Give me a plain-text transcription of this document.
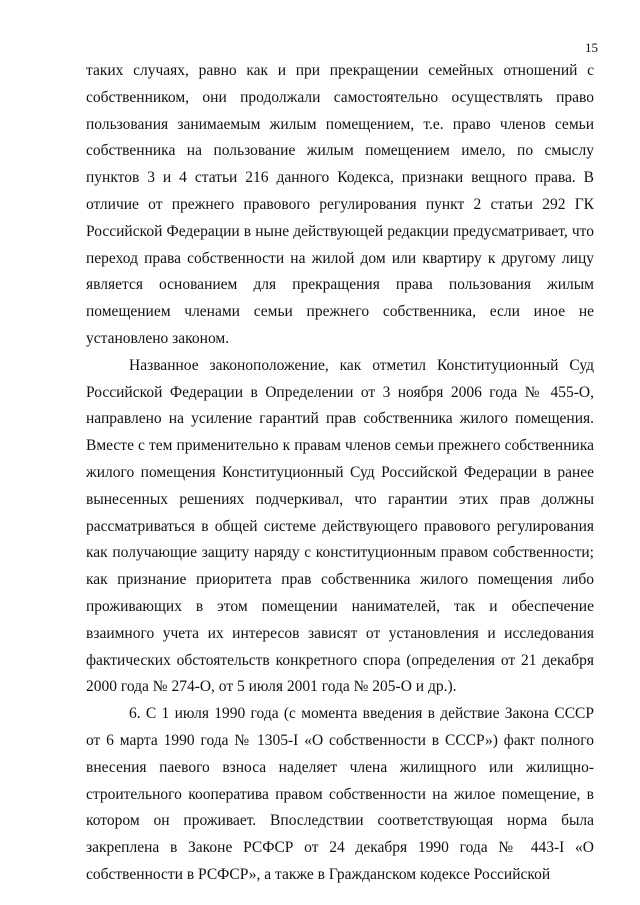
15

таких случаях, равно как и при прекращении семейных отношений с собственником, они продолжали самостоятельно осуществлять право пользования занимаемым жилым помещением, т.е. право членов семьи собственника на пользование жилым помещением имело, по смыслу пунктов 3 и 4 статьи 216 данного Кодекса, признаки вещного права. В отличие от прежнего правового регулирования пункт 2 статьи 292 ГК Российской Федерации в ныне действующей редакции предусматривает, что переход права собственности на жилой дом или квартиру к другому лицу является основанием для прекращения права пользования жилым помещением членами семьи прежнего собственника, если иное не установлено законом.

Названное законоположение, как отметил Конституционный Суд Российской Федерации в Определении от 3 ноября 2006 года № 455-О, направлено на усиление гарантий прав собственника жилого помещения. Вместе с тем применительно к правам членов семьи прежнего собственника жилого помещения Конституционный Суд Российской Федерации в ранее вынесенных решениях подчеркивал, что гарантии этих прав должны рассматриваться в общей системе действующего правового регулирования как получающие защиту наряду с конституционным правом собственности; как признание приоритета прав собственника жилого помещения либо проживающих в этом помещении нанимателей, так и обеспечение взаимного учета их интересов зависят от установления и исследования фактических обстоятельств конкретного спора (определения от 21 декабря 2000 года № 274-О, от 5 июля 2001 года № 205-О и др.).

6. С 1 июля 1990 года (с момента введения в действие Закона СССР от 6 марта 1990 года № 1305-I «О собственности в СССР») факт полного внесения паевого взноса наделяет члена жилищного или жилищно-строительного кооператива правом собственности на жилое помещение, в котором он проживает. Впоследствии соответствующая норма была закреплена в Законе РСФСР от 24 декабря 1990 года № 443-I «О собственности в РСФСР», а также в Гражданском кодексе Российской
